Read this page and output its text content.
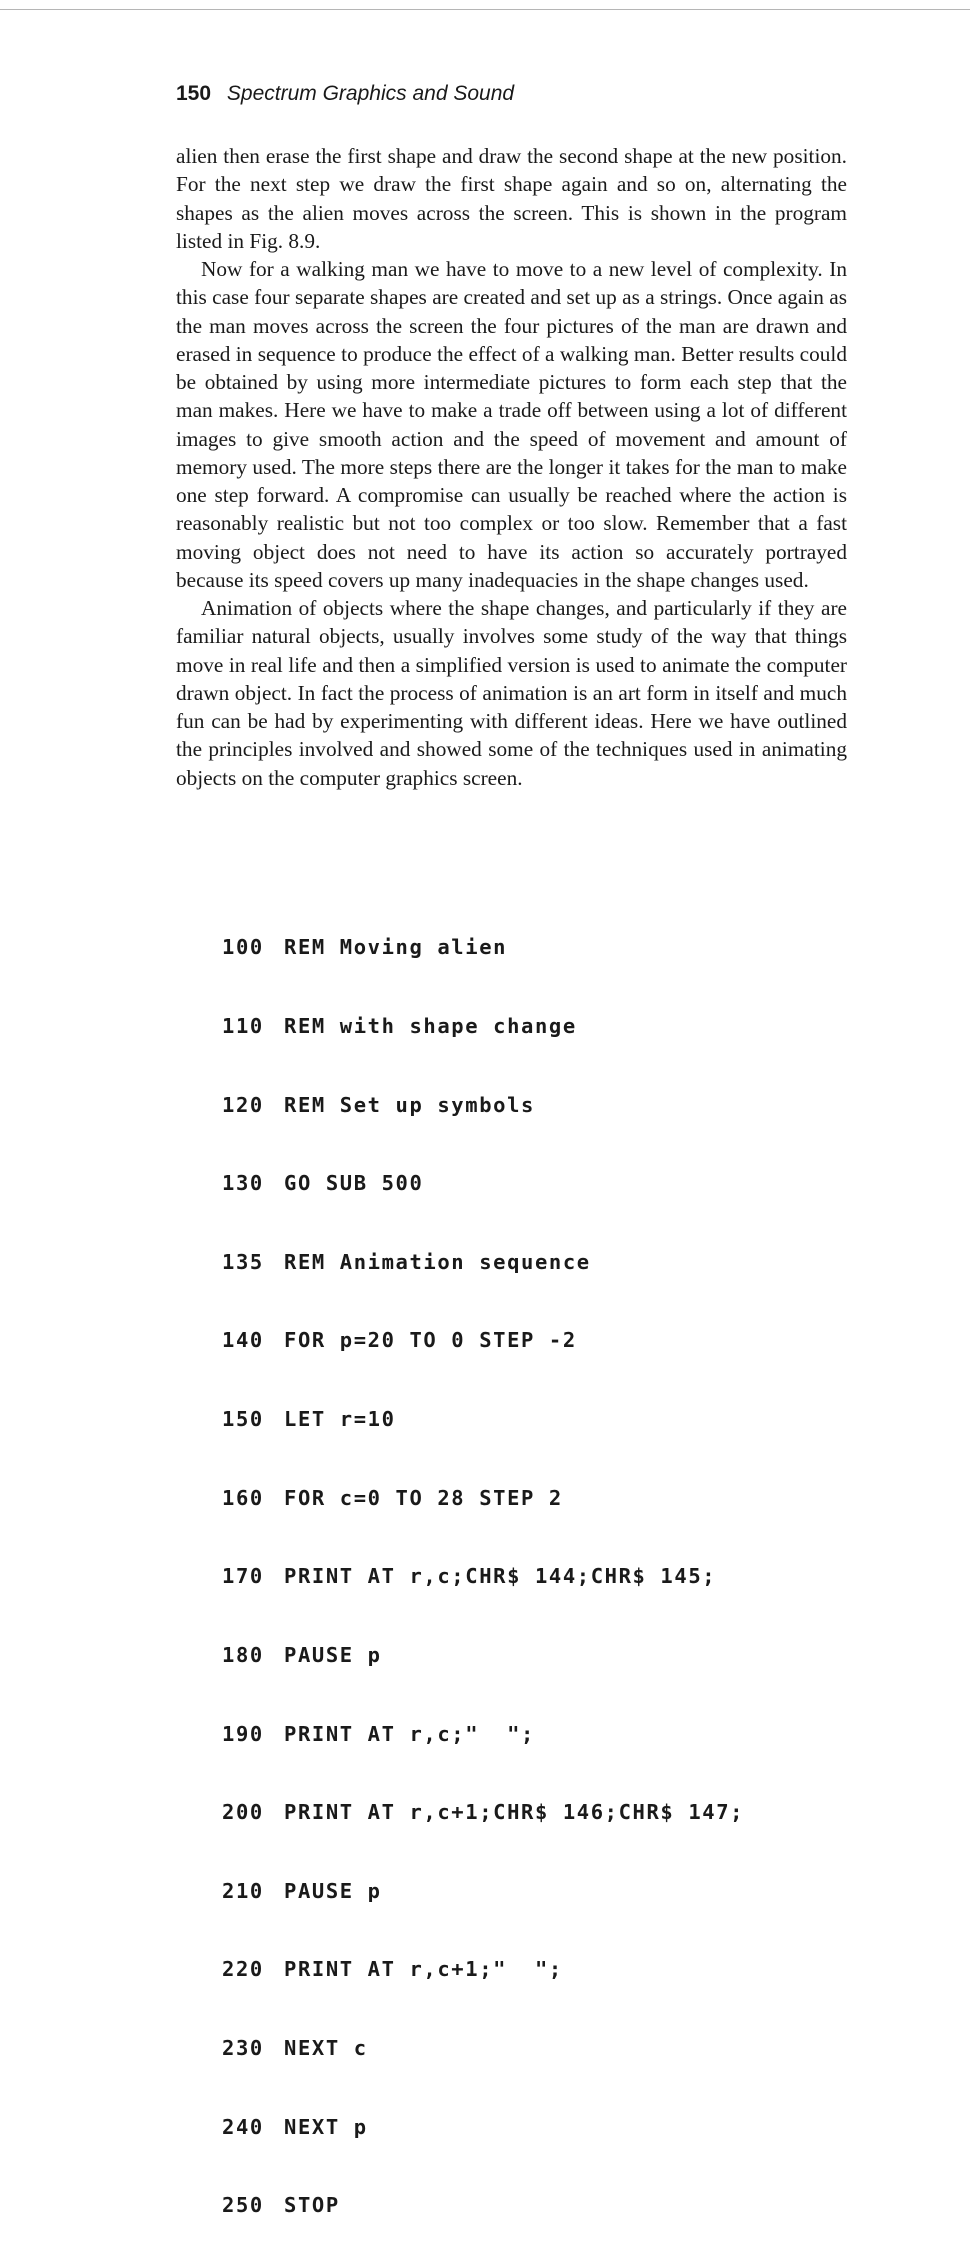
150 Spectrum Graphics and Sound

alien then erase the first shape and draw the second shape at the new position. For the next step we draw the first shape again and so on, alternating the shapes as the alien moves across the screen. This is shown in the program listed in Fig. 8.9.

Now for a walking man we have to move to a new level of complexity. In this case four separate shapes are created and set up as a strings. Once again as the man moves across the screen the four pictures of the man are drawn and erased in sequence to produce the effect of a walking man. Better results could be obtained by using more intermediate pictures to form each step that the man makes. Here we have to make a trade off between using a lot of different images to give smooth action and the speed of movement and amount of memory used. The more steps there are the longer it takes for the man to make one step forward. A compromise can usually be reached where the action is reasonably realistic but not too complex or too slow. Remember that a fast moving object does not need to have its action so accurately portrayed because its speed covers up many inadequacies in the shape changes used.

Animation of objects where the shape changes, and particularly if they are familiar natural objects, usually involves some study of the way that things move in real life and then a simplified version is used to animate the computer drawn object. In fact the process of animation is an art form in itself and much fun can be had by experimenting with different ideas. Here we have outlined the principles involved and showed some of the techniques used in animating objects on the computer graphics screen.

100 REM Moving alien

110 REM with shape change

120 REM Set up symbols

130 GO SUB 500

135 REM Animation sequence

140 FOR p=20 TO 0 STEP -2

150 LET r=10

160 FOR c=0 TO 28 STEP 2

170 PRINT AT r,c;CHR$ 144;CHR$ 145;

180 PAUSE p

190 PRINT AT r,c;"  ";

200 PRINT AT r,c+1;CHR$ 146;CHR$ 147;

210 PAUSE p

220 PRINT AT r,c+1;"  ";

230 NEXT c

240 NEXT p

250 STOP
